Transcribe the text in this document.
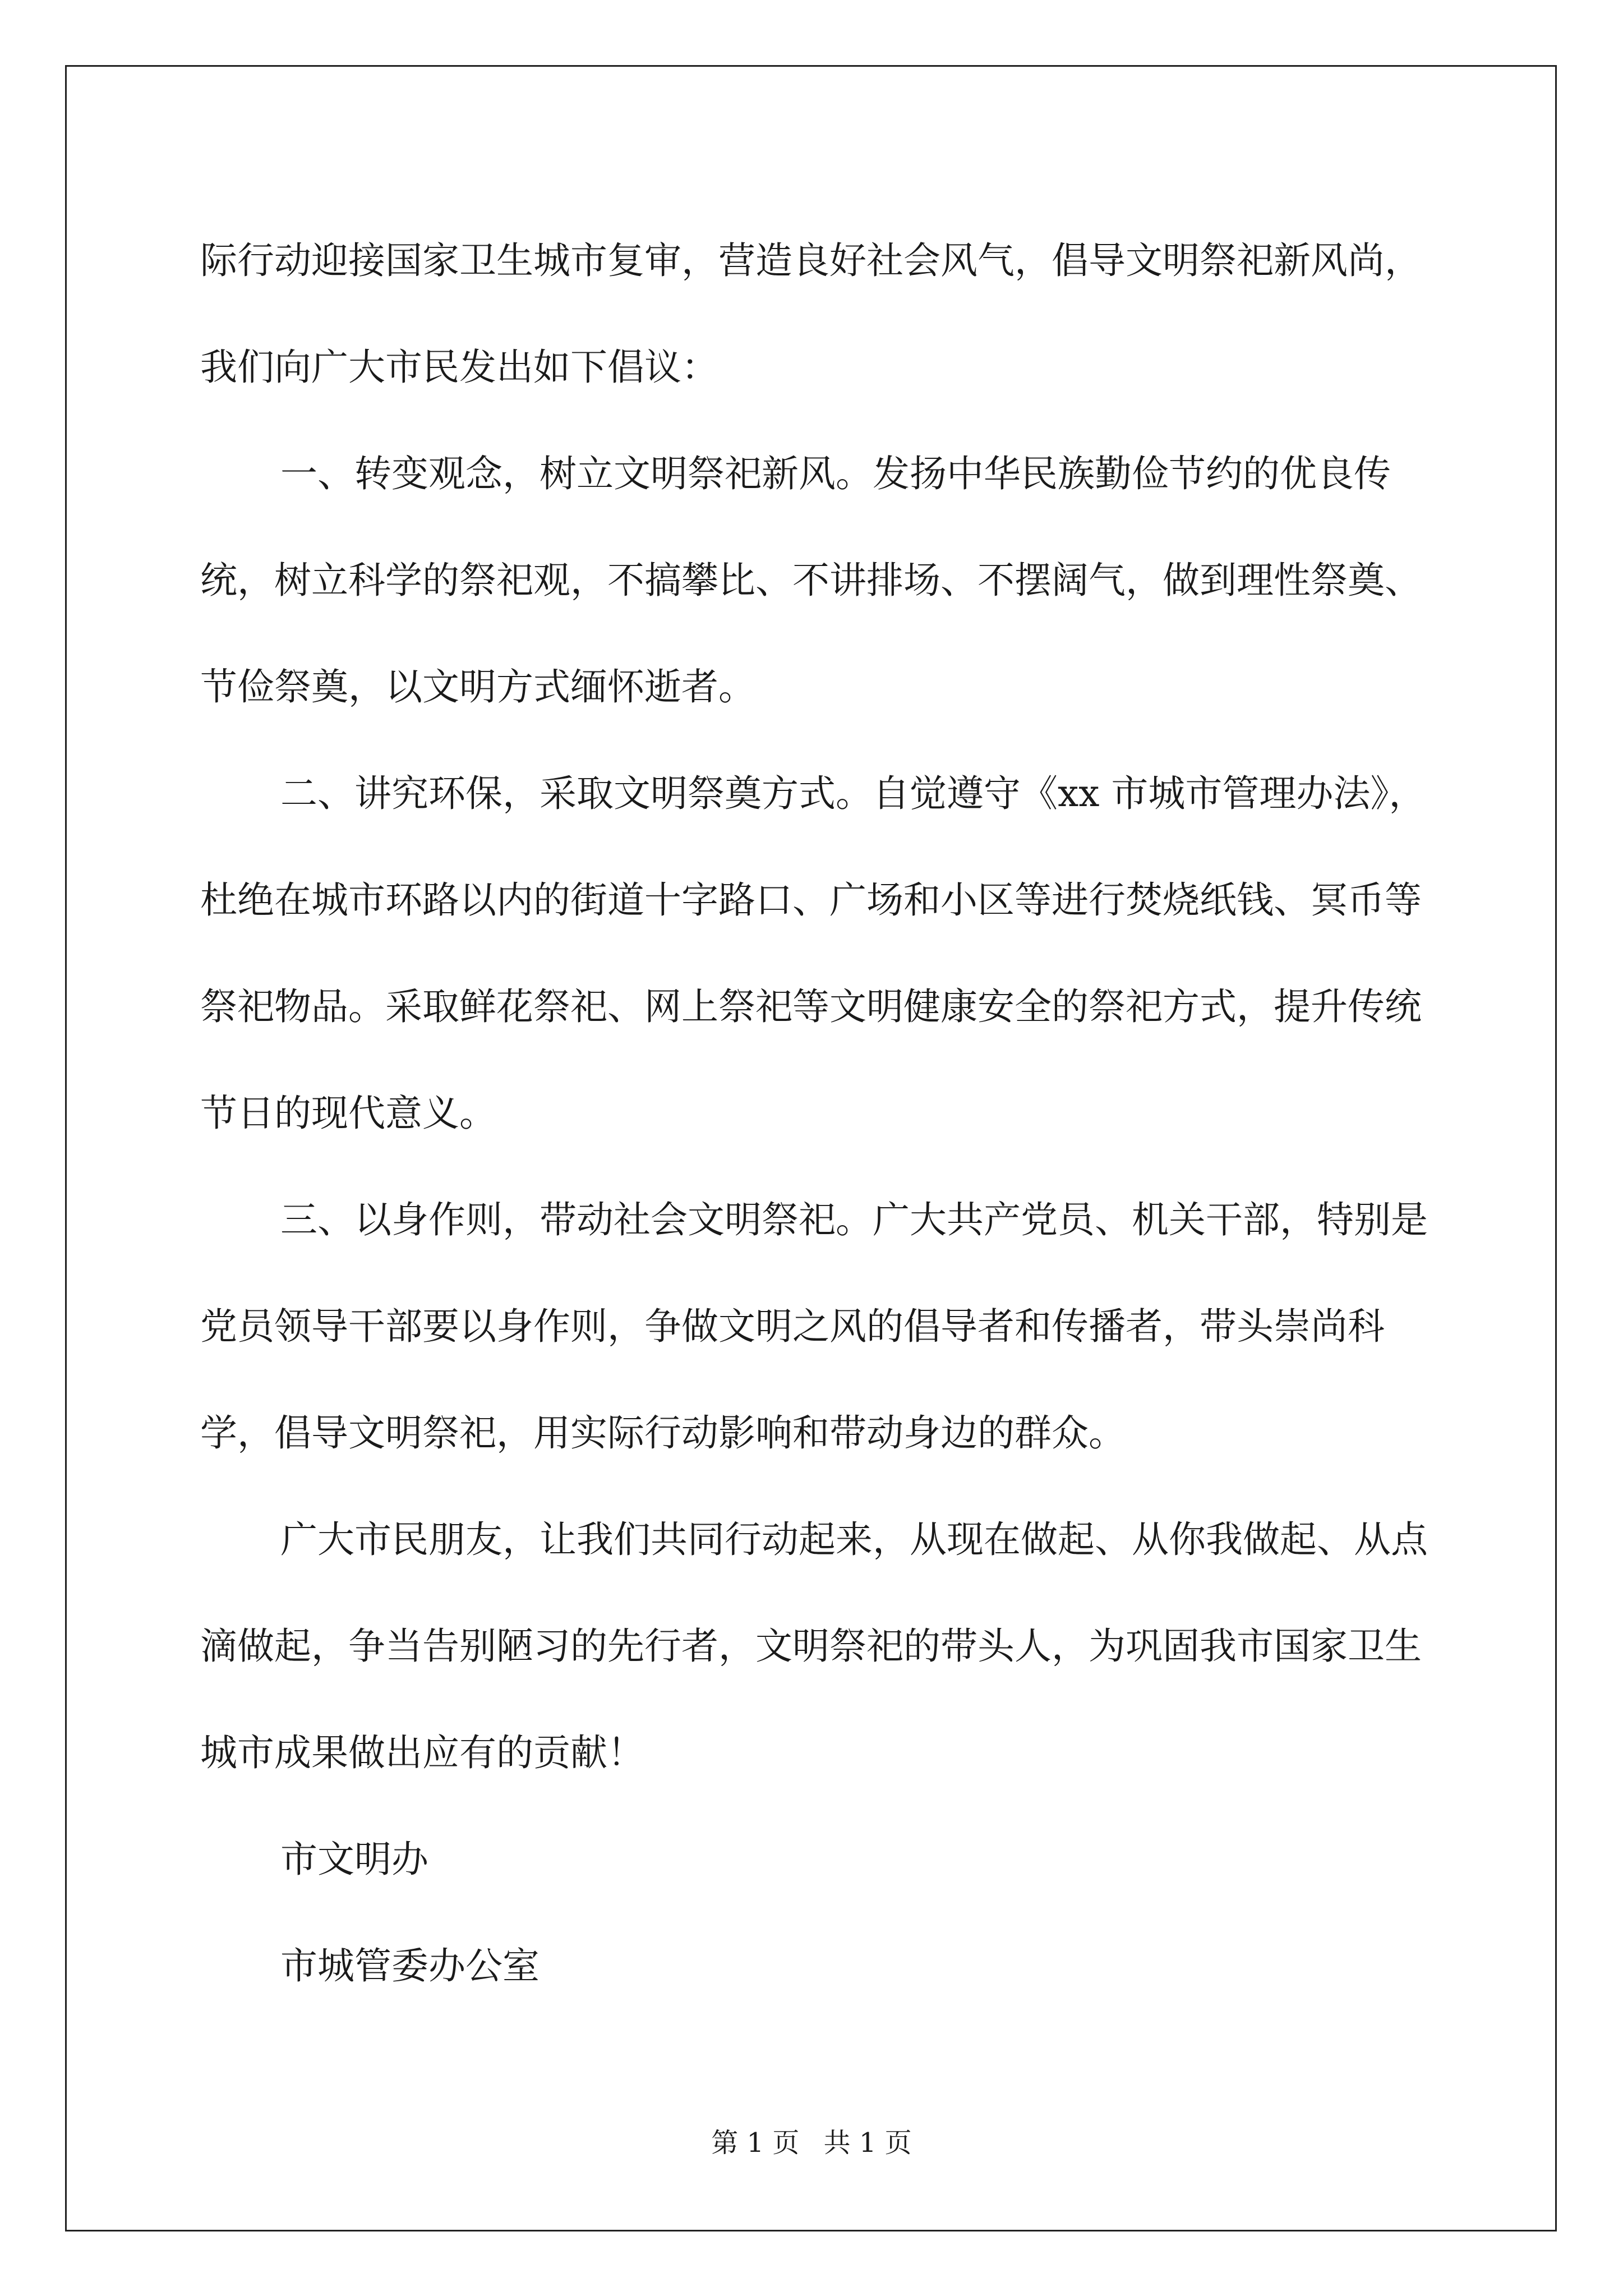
际行动迎接国家卫生城市复审，营造良好社会风气，倡导文明祭祀新风尚，我们向广大市民发出如下倡议：

一、转变观念，树立文明祭祀新风。发扬中华民族勤俭节约的优良传统，树立科学的祭祀观，不搞攀比、不讲排场、不摆阔气，做到理性祭奠、节俭祭奠，以文明方式缅怀逝者。

二、讲究环保，采取文明祭奠方式。自觉遵守《xx 市城市管理办法》，杜绝在城市环路以内的街道十字路口、广场和小区等进行焚烧纸钱、冥币等祭祀物品。采取鲜花祭祀、网上祭祀等文明健康安全的祭祀方式，提升传统节日的现代意义。

三、以身作则，带动社会文明祭祀。广大共产党员、机关干部，特别是党员领导干部要以身作则，争做文明之风的倡导者和传播者，带头崇尚科学，倡导文明祭祀，用实际行动影响和带动身边的群众。

广大市民朋友，让我们共同行动起来，从现在做起、从你我做起、从点滴做起，争当告别陋习的先行者，文明祭祀的带头人，为巩固我市国家卫生城市成果做出应有的贡献！

市文明办

市城管委办公室

第 1 页 共 1 页
